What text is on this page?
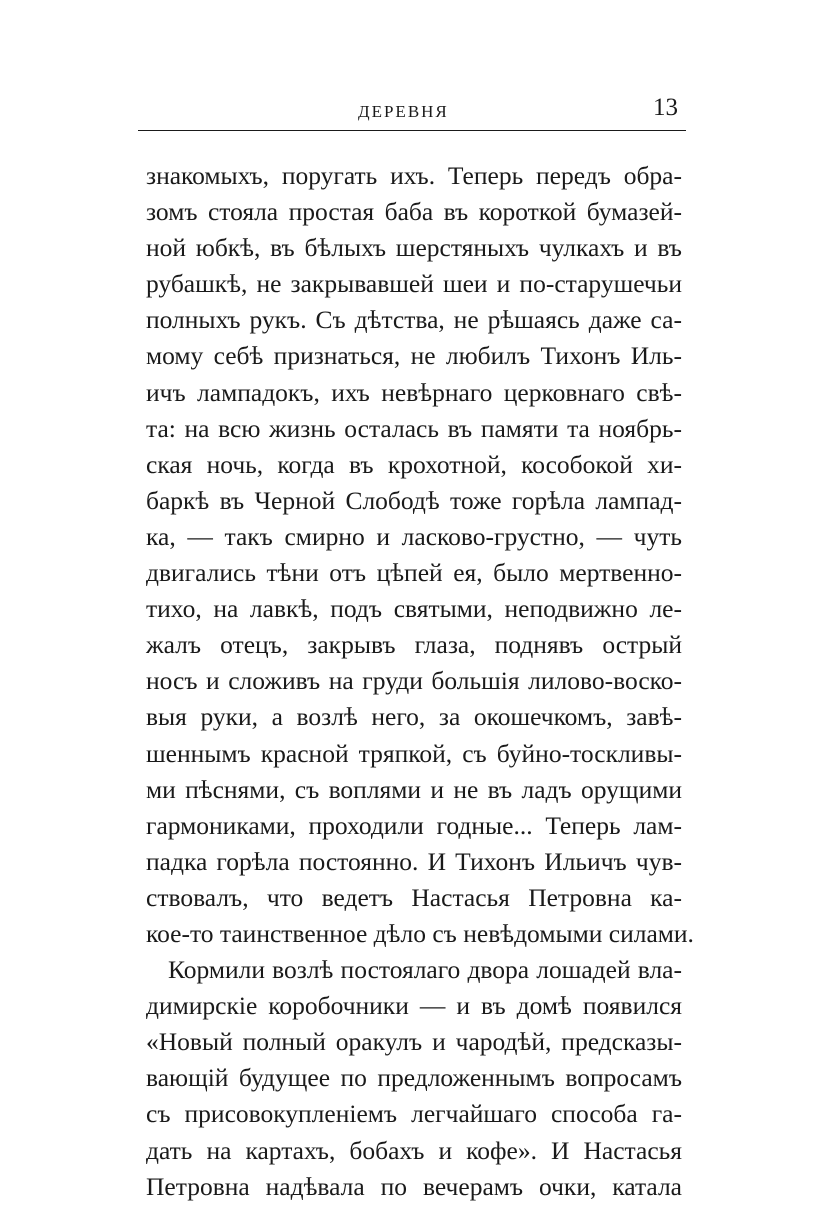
ДЕРЕВНЯ	13
знакомыхъ, поругать ихъ. Теперь передъ обра-
зомъ стояла простая баба въ короткой бумазей-
ной юбкѣ, въ бѣлыхъ шерстяныхъ чулкахъ и въ
рубашкѣ, не закрывавшей шеи и по-старушечьи
полныхъ рукъ. Съ дѣтства, не рѣшаясь даже са-
мому себѣ признаться, не любилъ Тихонъ Иль-
ичъ лампадокъ, ихъ невѣрнаго церковнаго свѣ-
та: на всю жизнь осталась въ памяти та ноябрь-
ская ночь, когда въ крохотной, кособокой хи-
баркѣ въ Черной Слободѣ тоже горѣла лампад-
ка, — такъ смирно и ласково-грустно, — чуть
двигались тѣни отъ цѣпей ея, было мертвенно-
тихо, на лавкѣ, подъ святыми, неподвижно ле-
жалъ отецъ, закрывъ глаза, поднявъ острый
носъ и сложивъ на груди большія лилово-воско-
выя руки, а возлѣ него, за окошечкомъ, завѣ-
шеннымъ красной тряпкой, съ буйно-тоскливы-
ми пѣснями, съ воплями и не въ ладъ орущими
гармониками, проходили годные... Теперь лам-
падка горѣла постоянно. И Тихонъ Ильичъ чув-
ствовалъ, что ведетъ Настасья Петровна ка-
кое-то таинственное дѣло съ невѣдомыми силами.
Кормили возлѣ постоялаго двора лошадей вла-
димирскіе коробочники — и въ домѣ появился
«Новый полный оракулъ и чародѣй, предсказы-
вающій будущее по предложеннымъ вопросамъ
съ присовокупленіемъ легчайшаго способа га-
дать на картахъ, бобахъ и кофе». И Настасья
Петровна надѣвала по вечерамъ очки, катала
